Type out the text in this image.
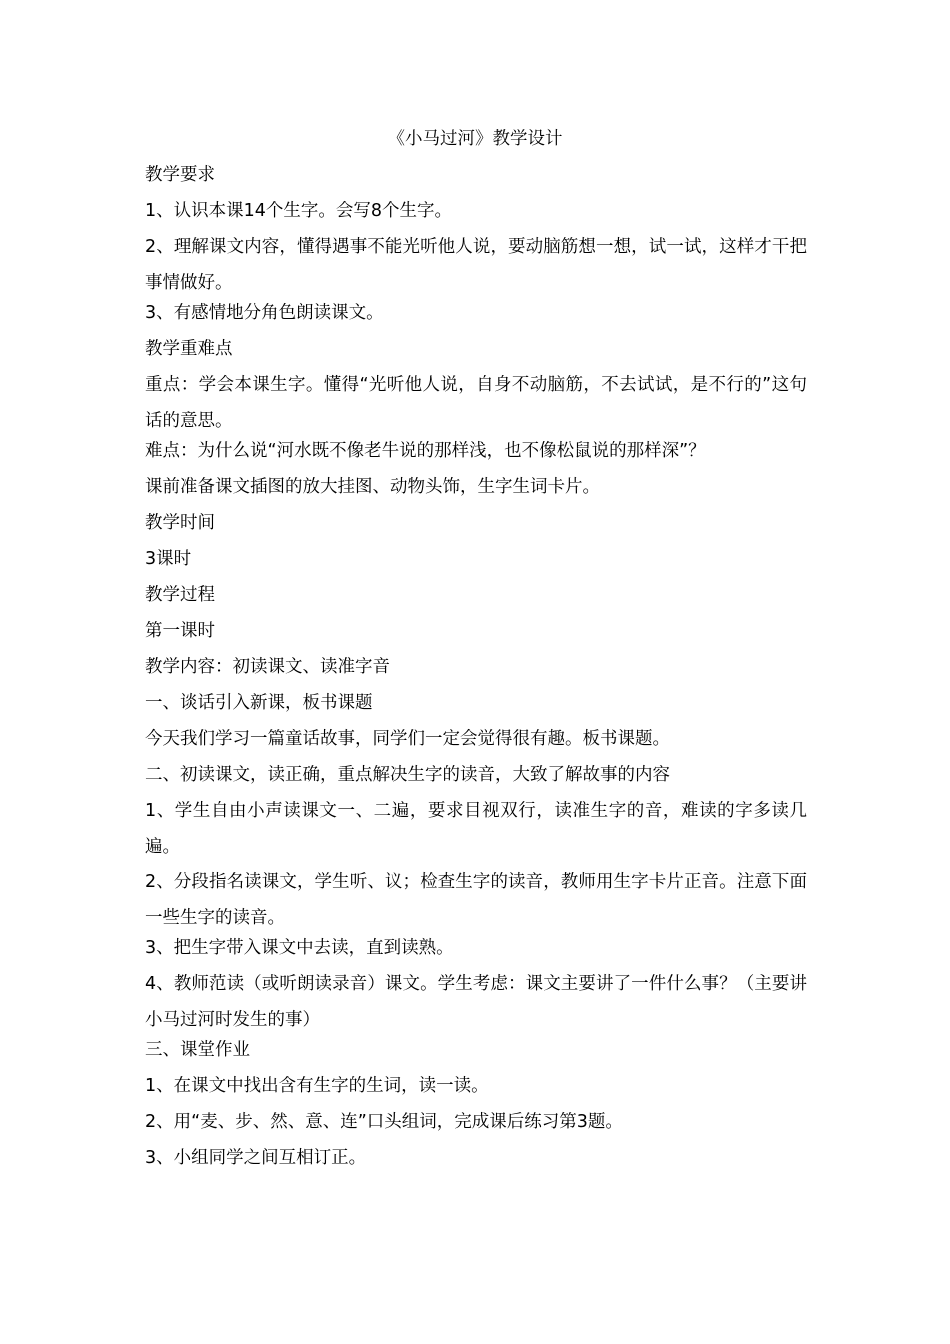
《小马过河》教学设计

教学要求

1、认识本课14个生字。会写8个生字。

2、理解课文内容，懂得遇事不能光听他人说，要动脑筋想一想，试一试，这样才干把事情做好。

3、有感情地分角色朗读课文。

教学重难点

重点：学会本课生字。懂得“光听他人说，自身不动脑筋，不去试试，是不行的”这句话的意思。

难点：为什么说“河水既不像老牛说的那样浅，也不像松鼠说的那样深”？

课前准备课文插图的放大挂图、动物头饰，生字生词卡片。

教学时间

3课时

教学过程

第一课时

教学内容：初读课文、读准字音

一、谈话引入新课，板书课题

今天我们学习一篇童话故事，同学们一定会觉得很有趣。板书课题。

二、初读课文，读正确，重点解决生字的读音，大致了解故事的内容

1、学生自由小声读课文一、二遍，要求目视双行，读准生字的音，难读的字多读几遍。

2、分段指名读课文，学生听、议；检查生字的读音，教师用生字卡片正音。注意下面一些生字的读音。

3、把生字带入课文中去读，直到读熟。

4、教师范读（或听朗读录音）课文。学生考虑：课文主要讲了一件什么事？（主要讲小马过河时发生的事）

三、课堂作业

1、在课文中找出含有生字的生词，读一读。

2、用“麦、步、然、意、连”口头组词，完成课后练习第3题。

3、小组同学之间互相订正。
